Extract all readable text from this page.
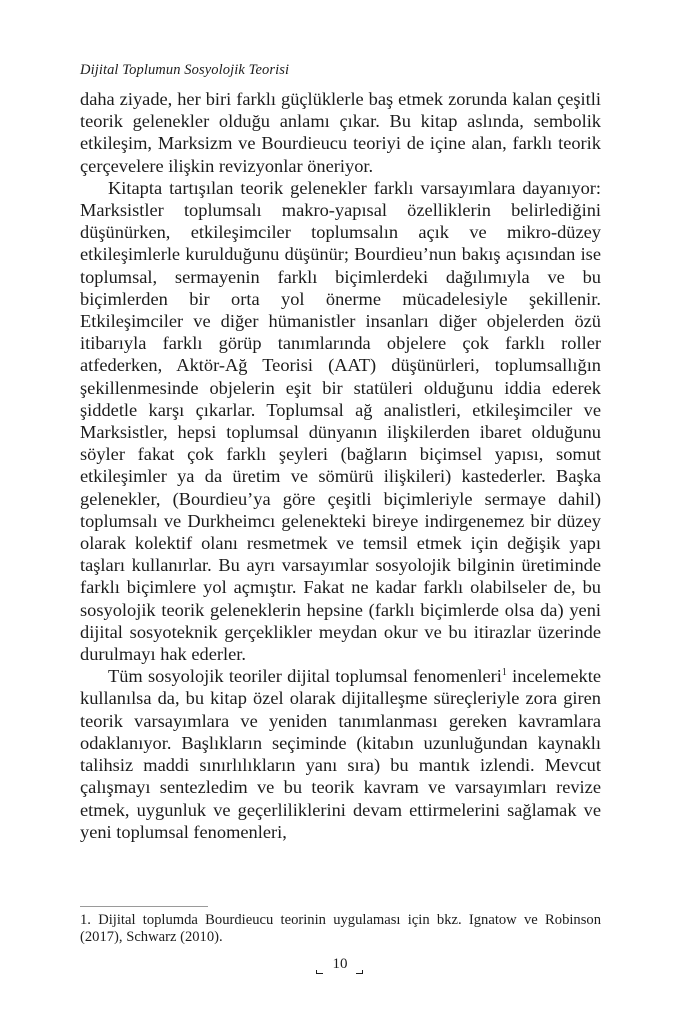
Dijital Toplumun Sosyolojik Teorisi

daha ziyade, her biri farklı güçlüklerle baş etmek zorunda kalan çeşitli teorik gelenekler olduğu anlamı çıkar. Bu kitap aslında, sembolik etkileşim, Marksizm ve Bourdieucu teoriyi de içine alan, farklı teorik çerçevelere ilişkin revizyonlar öneriyor.

Kitapta tartışılan teorik gelenekler farklı varsayımlara dayanıyor: Marksistler toplumsalı makro-yapısal özelliklerin belirlediğini düşünürken, etkileşimciler toplumsalın açık ve mikro-düzey etkileşimlerle kurulduğunu düşünür; Bourdieu’nun bakış açısından ise toplumsal, sermayenin farklı biçimlerdeki dağılımıyla ve bu biçimlerden bir orta yol önerme mücadelesiyle şekillenir. Etkileşimciler ve diğer hümanistler insanları diğer objelerden özü itibarıyla farklı görüp tanımlarında objelere çok farklı roller atfederken, Aktör-Ağ Teorisi (AAT) düşünürleri, toplumsallığın şekillenmesinde objelerin eşit bir statüleri olduğunu iddia ederek şiddetle karşı çıkarlar. Toplumsal ağ analistleri, etkileşimciler ve Marksistler, hepsi toplumsal dünyanın ilişkilerden ibaret olduğunu söyler fakat çok farklı şeyleri (bağların biçimsel yapısı, somut etkileşimler ya da üretim ve sömürü ilişkileri) kastederler. Başka gelenekler, (Bourdieu’ya göre çeşitli biçimleriyle sermaye dahil) toplumsalı ve Durkheimcı gelenekteki bireye indirgenemez bir düzey olarak kolektif olanı resmetmek ve temsil etmek için değişik yapı taşları kullanırlar. Bu ayrı varsayımlar sosyolojik bilginin üretiminde farklı biçimlere yol açmıştır. Fakat ne kadar farklı olabilseler de, bu sosyolojik teorik geleneklerin hepsine (farklı biçimlerde olsa da) yeni dijital sosyoteknik gerçeklikler meydan okur ve bu itirazlar üzerinde durulmayı hak ederler.

Tüm sosyolojik teoriler dijital toplumsal fenomenleri$^1$ incelemekte kullanılsa da, bu kitap özel olarak dijitalleşme süreçleriyle zora giren teorik varsayımlara ve yeniden tanımlanması gereken kavramlara odaklanıyor. Başlıkların seçiminde (kitabın uzunluğundan kaynaklı talihsiz maddi sınırlılıkların yanı sıra) bu mantık izlendi. Mevcut çalışmayı sentezledim ve bu teorik kavram ve varsayımları revize etmek, uygunluk ve geçerliliklerini devam ettirmelerini sağlamak ve yeni toplumsal fenomenleri,

1. Dijital toplumda Bourdieucu teorinin uygulaması için bkz. Ignatow ve Robinson (2017), Schwarz (2010).
10
